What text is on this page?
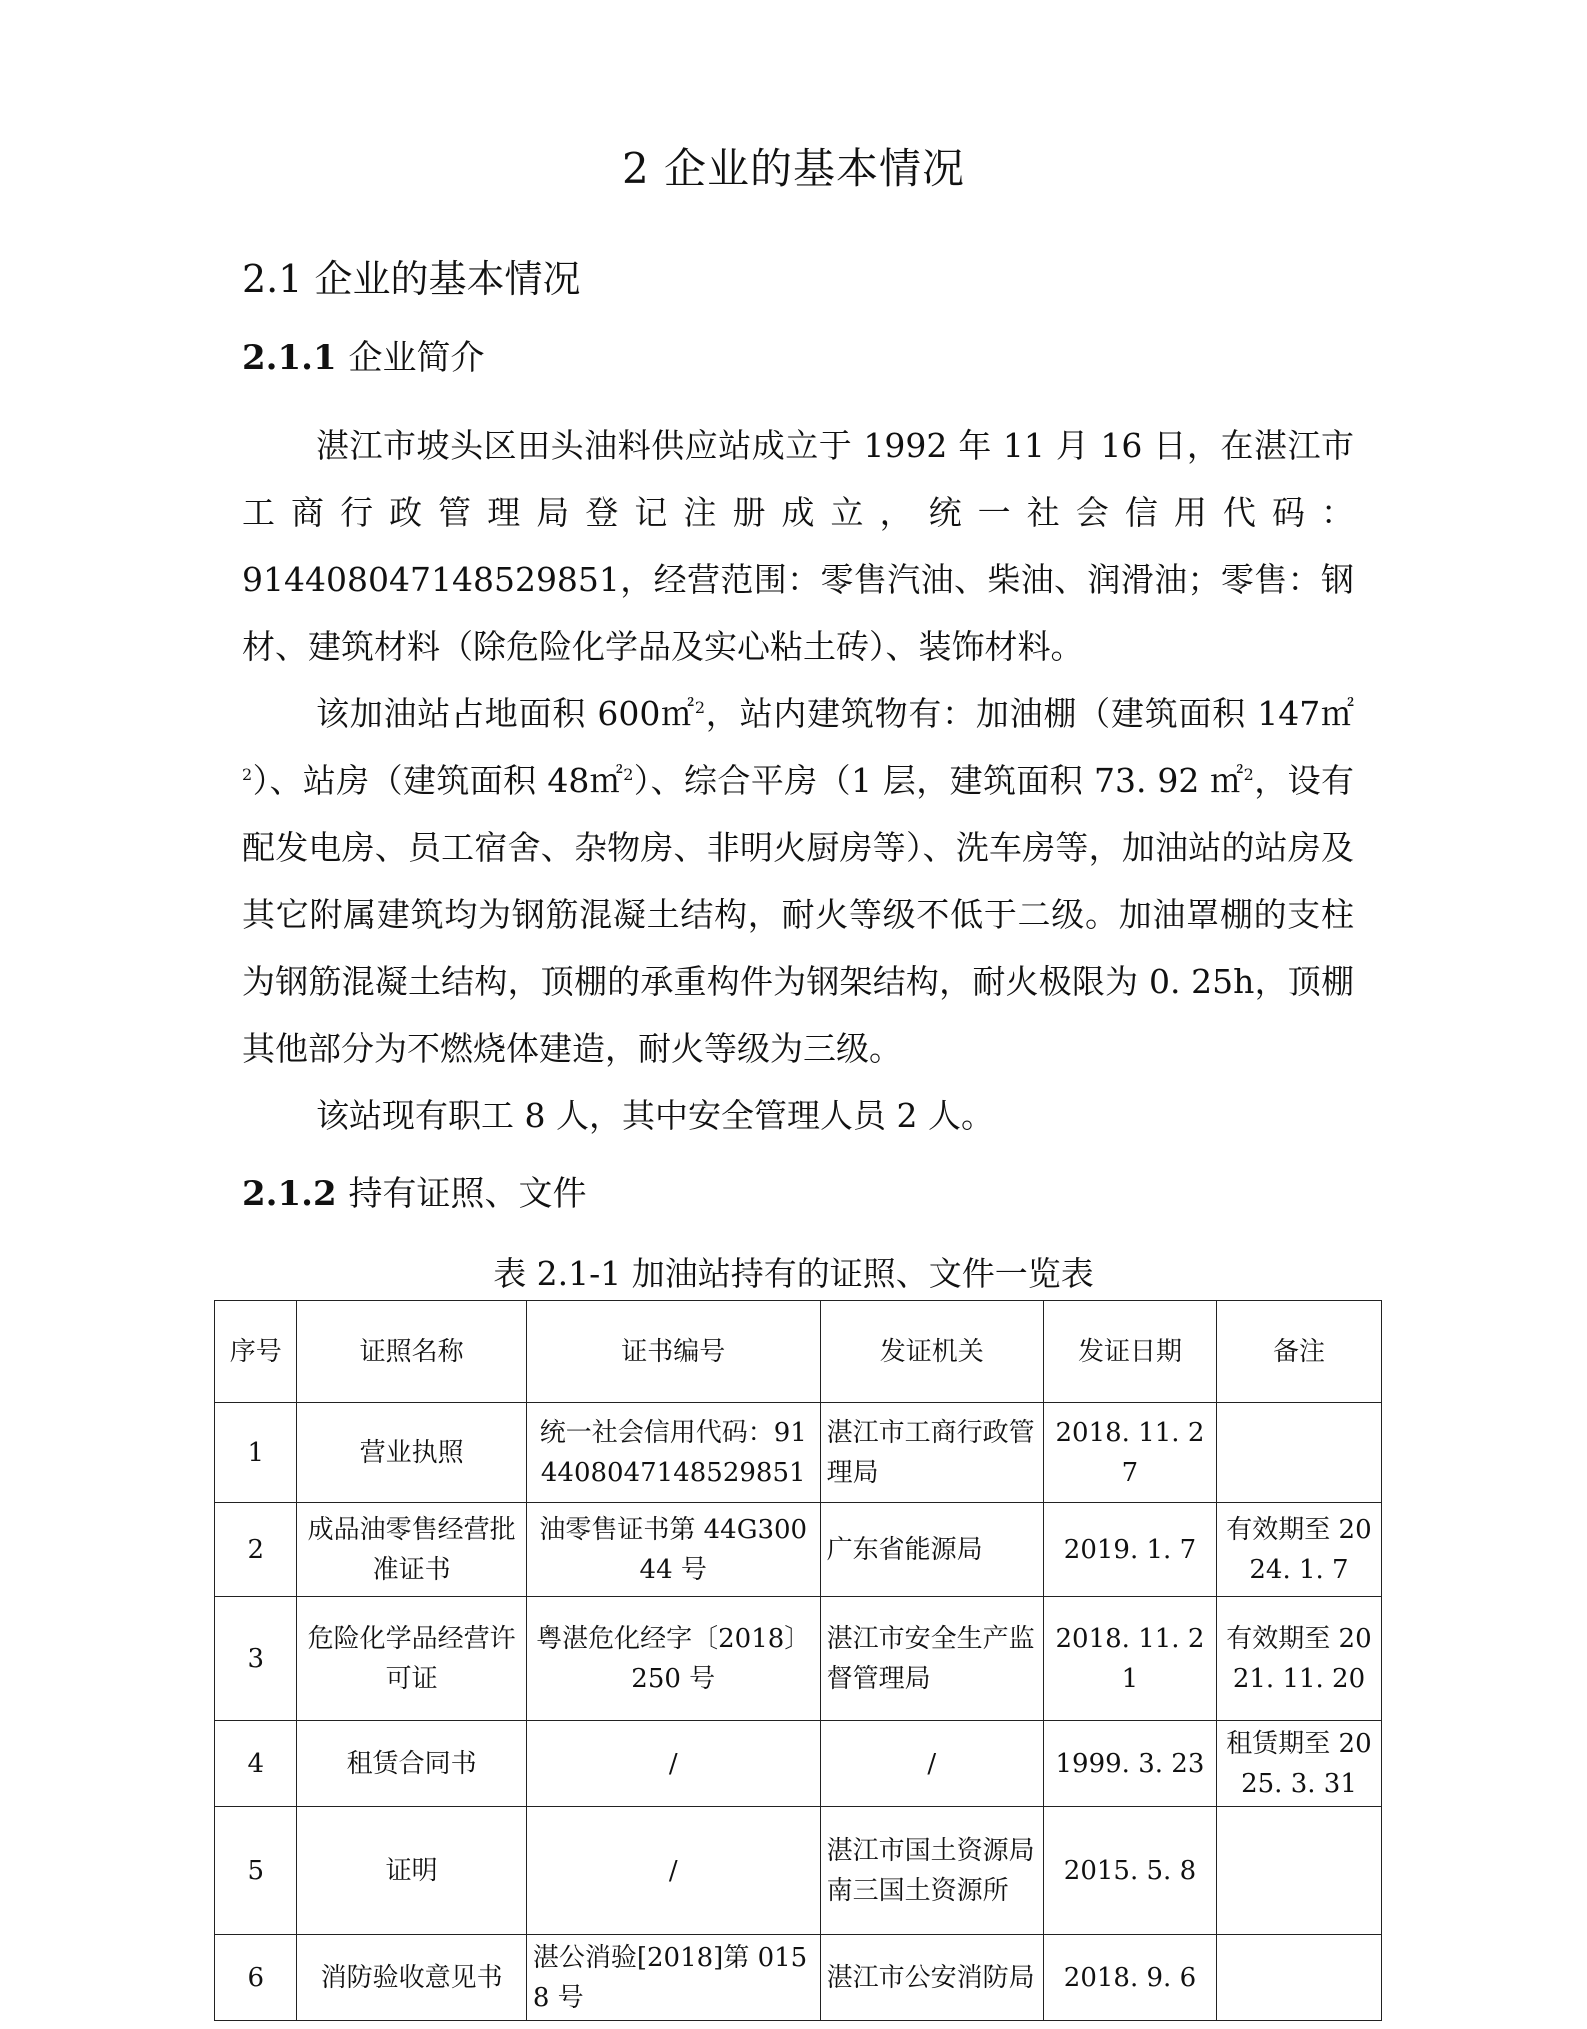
2 企业的基本情况
2.1 企业的基本情况
2.1.1 企业简介

湛江市坡头区田头油料供应站成立于 1992 年 11 月 16 日，在湛江市工商行政管理局登记注册成立，统一社会信用代码：914408047148529851，经营范围：零售汽油、柴油、润滑油；零售：钢材、建筑材料（除危险化学品及实心粘土砖）、装饰材料。

该加油站占地面积 600㎡$^2$，站内建筑物有：加油棚（建筑面积 147㎡$^2$）、站房（建筑面积 48㎡$^2$）、综合平房（1 层，建筑面积 73. 92 ㎡$^2$，设有配发电房、员工宿舍、杂物房、非明火厨房等）、洗车房等，加油站的站房及其它附属建筑均为钢筋混凝土结构，耐火等级不低于二级。加油罩棚的支柱为钢筋混凝土结构，顶棚的承重构件为钢架结构，耐火极限为 0. 25h，顶棚其他部分为不燃烧体建造，耐火等级为三级。

该站现有职工 8 人，其中安全管理人员 2 人。

2.1.2 持有证照、文件
表 2.1-1 加油站持有的证照、文件一览表
序号	证照名称	证书编号	发证机关	发证日期	备注
1	营业执照	统一社会信用代码：914408047148529851	湛江市工商行政管理局	2018. 11. 27	
2	成品油零售经营批准证书	油零售证书第 44G30044 号	广东省能源局	2019. 1. 7	有效期至 2024. 1. 7
3	危险化学品经营许可证	粤湛危化经字〔2018〕250 号	湛江市安全生产监督管理局	2018. 11. 21	有效期至 2021. 11. 20
4	租赁合同书	/	/	1999. 3. 23	租赁期至 2025. 3. 31
5	证明	/	湛江市国土资源局南三国土资源所	2015. 5. 8	
6	消防验收意见书	湛公消验[2018]第 0158 号	湛江市公安消防局	2018. 9. 6	
